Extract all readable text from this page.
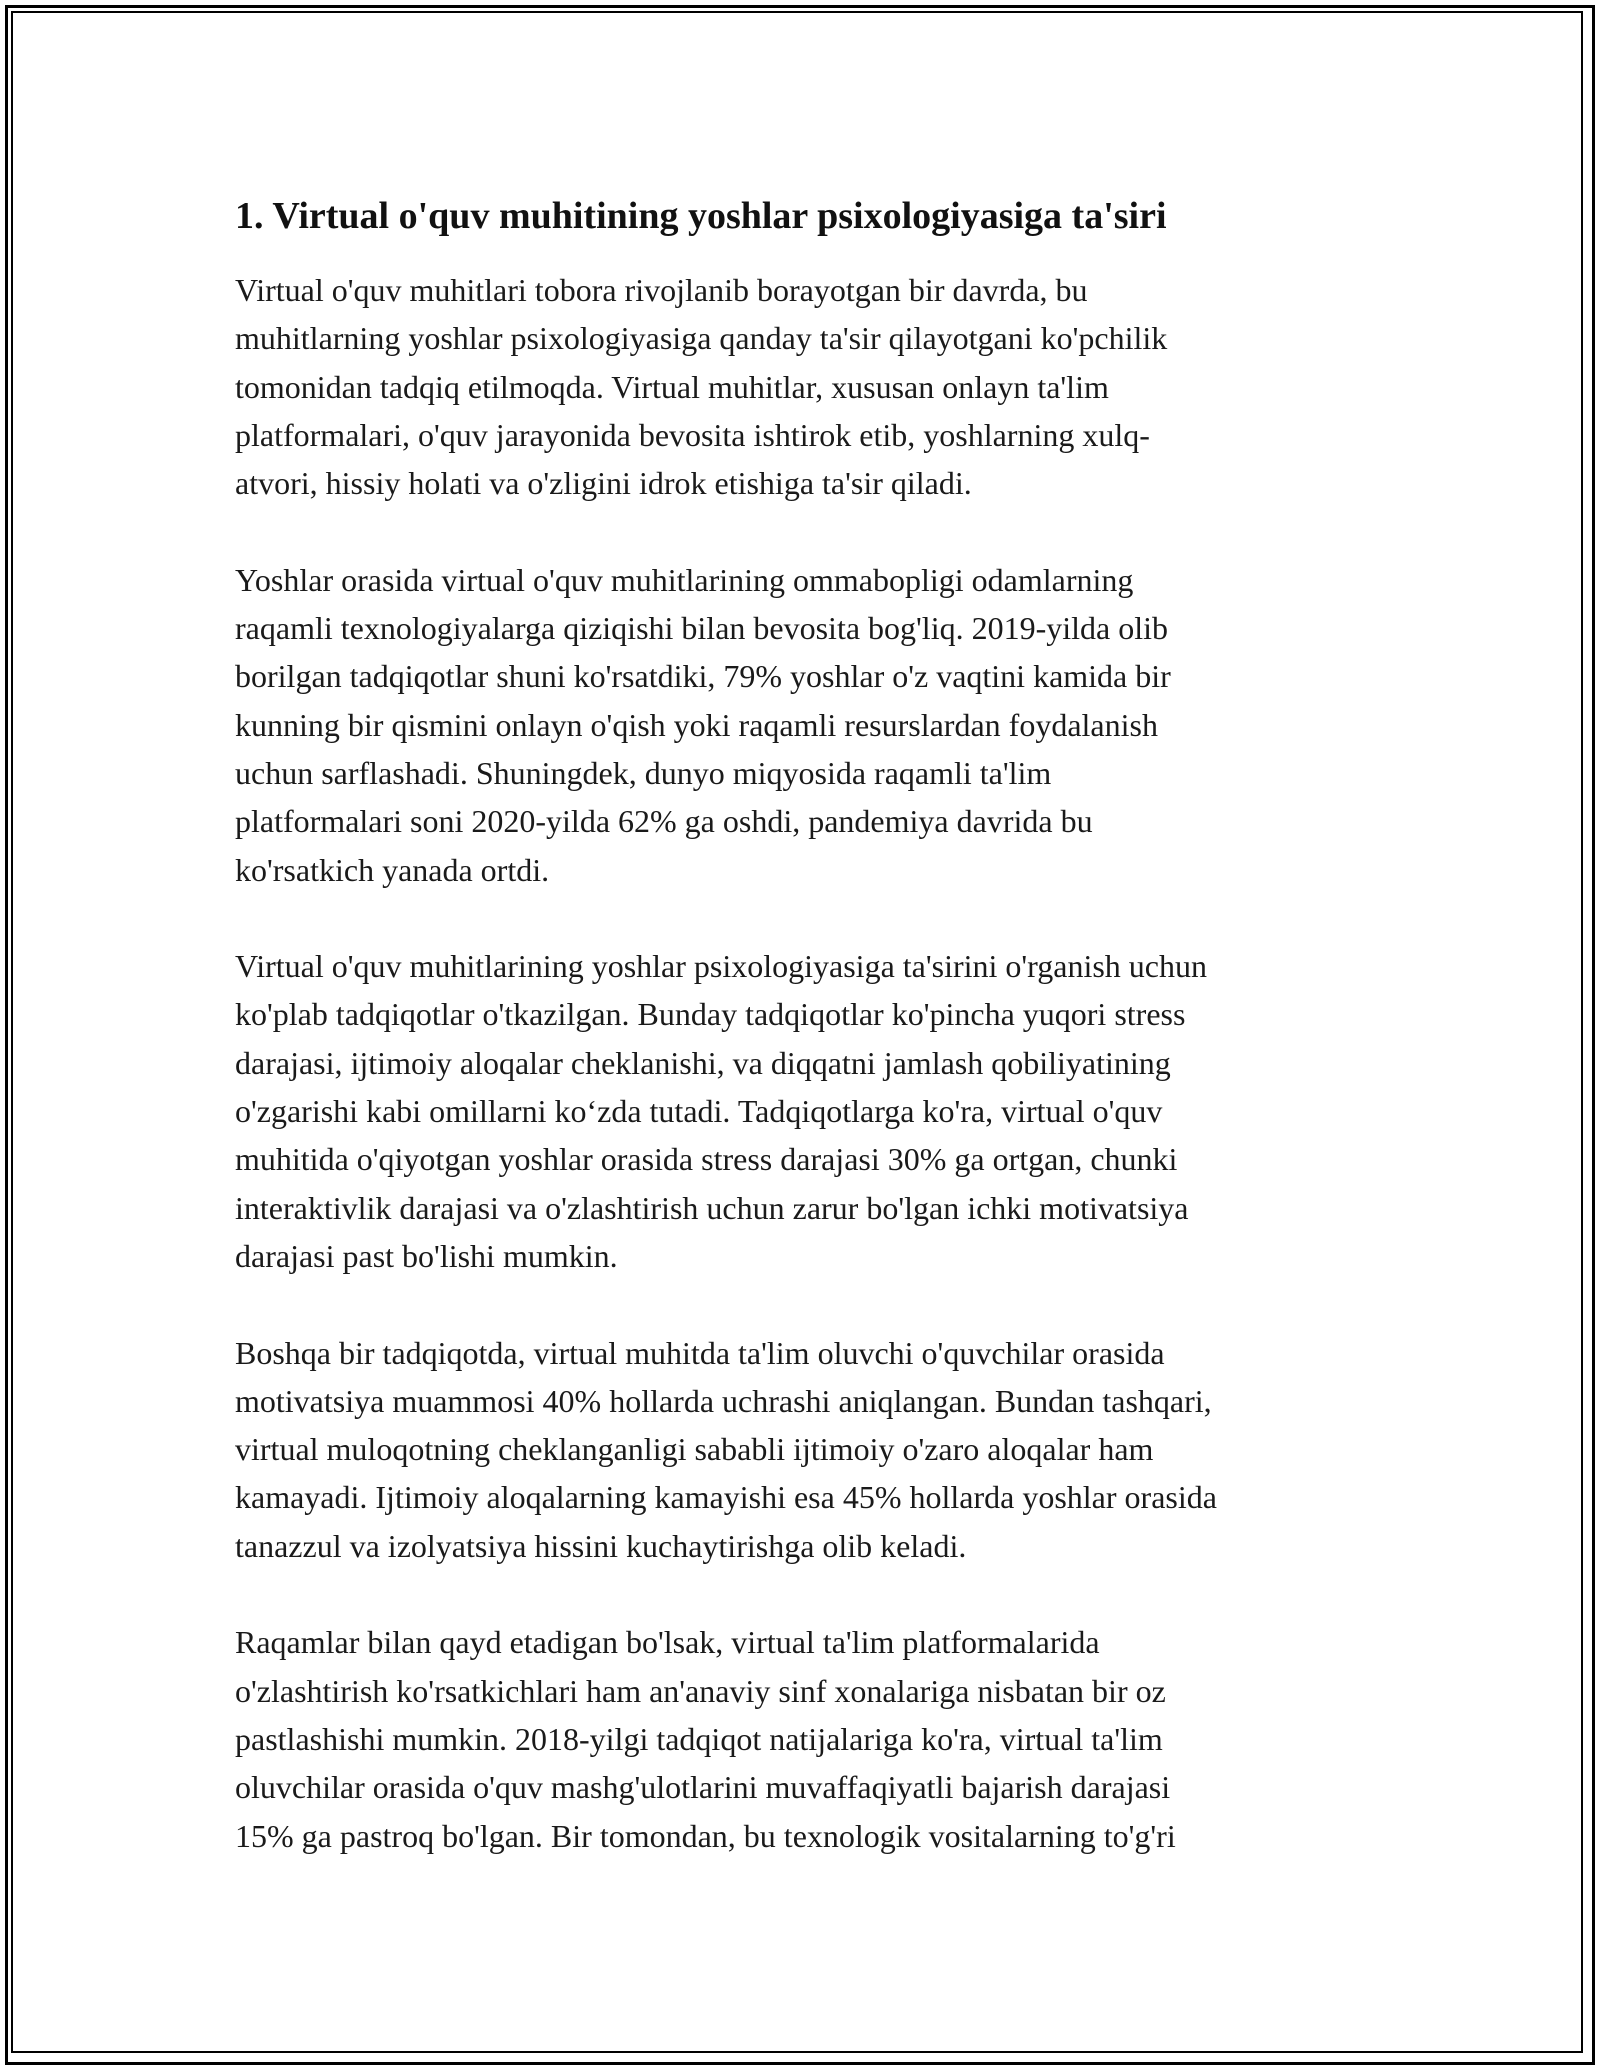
1. Virtual o'quv muhitining yoshlar psixologiyasiga ta'siri
Virtual o'quv muhitlari tobora rivojlanib borayotgan bir davrda, bu
muhitlarning yoshlar psixologiyasiga qanday ta'sir qilayotgani ko'pchilik
tomonidan tadqiq etilmoqda. Virtual muhitlar, xususan onlayn ta'lim
platformalari, o'quv jarayonida bevosita ishtirok etib, yoshlarning xulq-
atvori, hissiy holati va o'zligini idrok etishiga ta'sir qiladi.
Yoshlar orasida virtual o'quv muhitlarining ommabopligi odamlarning
raqamli texnologiyalarga qiziqishi bilan bevosita bog'liq. 2019-yilda olib
borilgan tadqiqotlar shuni ko'rsatdiki, 79% yoshlar o'z vaqtini kamida bir
kunning bir qismini onlayn o'qish yoki raqamli resurslardan foydalanish
uchun sarflashadi. Shuningdek, dunyo miqyosida raqamli ta'lim
platformalari soni 2020-yilda 62% ga oshdi, pandemiya davrida bu
ko'rsatkich yanada ortdi.
Virtual o'quv muhitlarining yoshlar psixologiyasiga ta'sirini o'rganish uchun
ko'plab tadqiqotlar o'tkazilgan. Bunday tadqiqotlar ko'pincha yuqori stress
darajasi, ijtimoiy aloqalar cheklanishi, va diqqatni jamlash qobiliyatining
o'zgarishi kabi omillarni ko‘zda tutadi. Tadqiqotlarga ko'ra, virtual o'quv
muhitida o'qiyotgan yoshlar orasida stress darajasi 30% ga ortgan, chunki
interaktivlik darajasi va o'zlashtirish uchun zarur bo'lgan ichki motivatsiya
darajasi past bo'lishi mumkin.
Boshqa bir tadqiqotda, virtual muhitda ta'lim oluvchi o'quvchilar orasida
motivatsiya muammosi 40% hollarda uchrashi aniqlangan. Bundan tashqari,
virtual muloqotning cheklanganligi sababli ijtimoiy o'zaro aloqalar ham
kamayadi. Ijtimoiy aloqalarning kamayishi esa 45% hollarda yoshlar orasida
tanazzul va izolyatsiya hissini kuchaytirishga olib keladi.
Raqamlar bilan qayd etadigan bo'lsak, virtual ta'lim platformalarida
o'zlashtirish ko'rsatkichlari ham an'anaviy sinf xonalariga nisbatan bir oz
pastlashishi mumkin. 2018-yilgi tadqiqot natijalariga ko'ra, virtual ta'lim
oluvchilar orasida o'quv mashg'ulotlarini muvaffaqiyatli bajarish darajasi
15% ga pastroq bo'lgan. Bir tomondan, bu texnologik vositalarning to'g'ri
